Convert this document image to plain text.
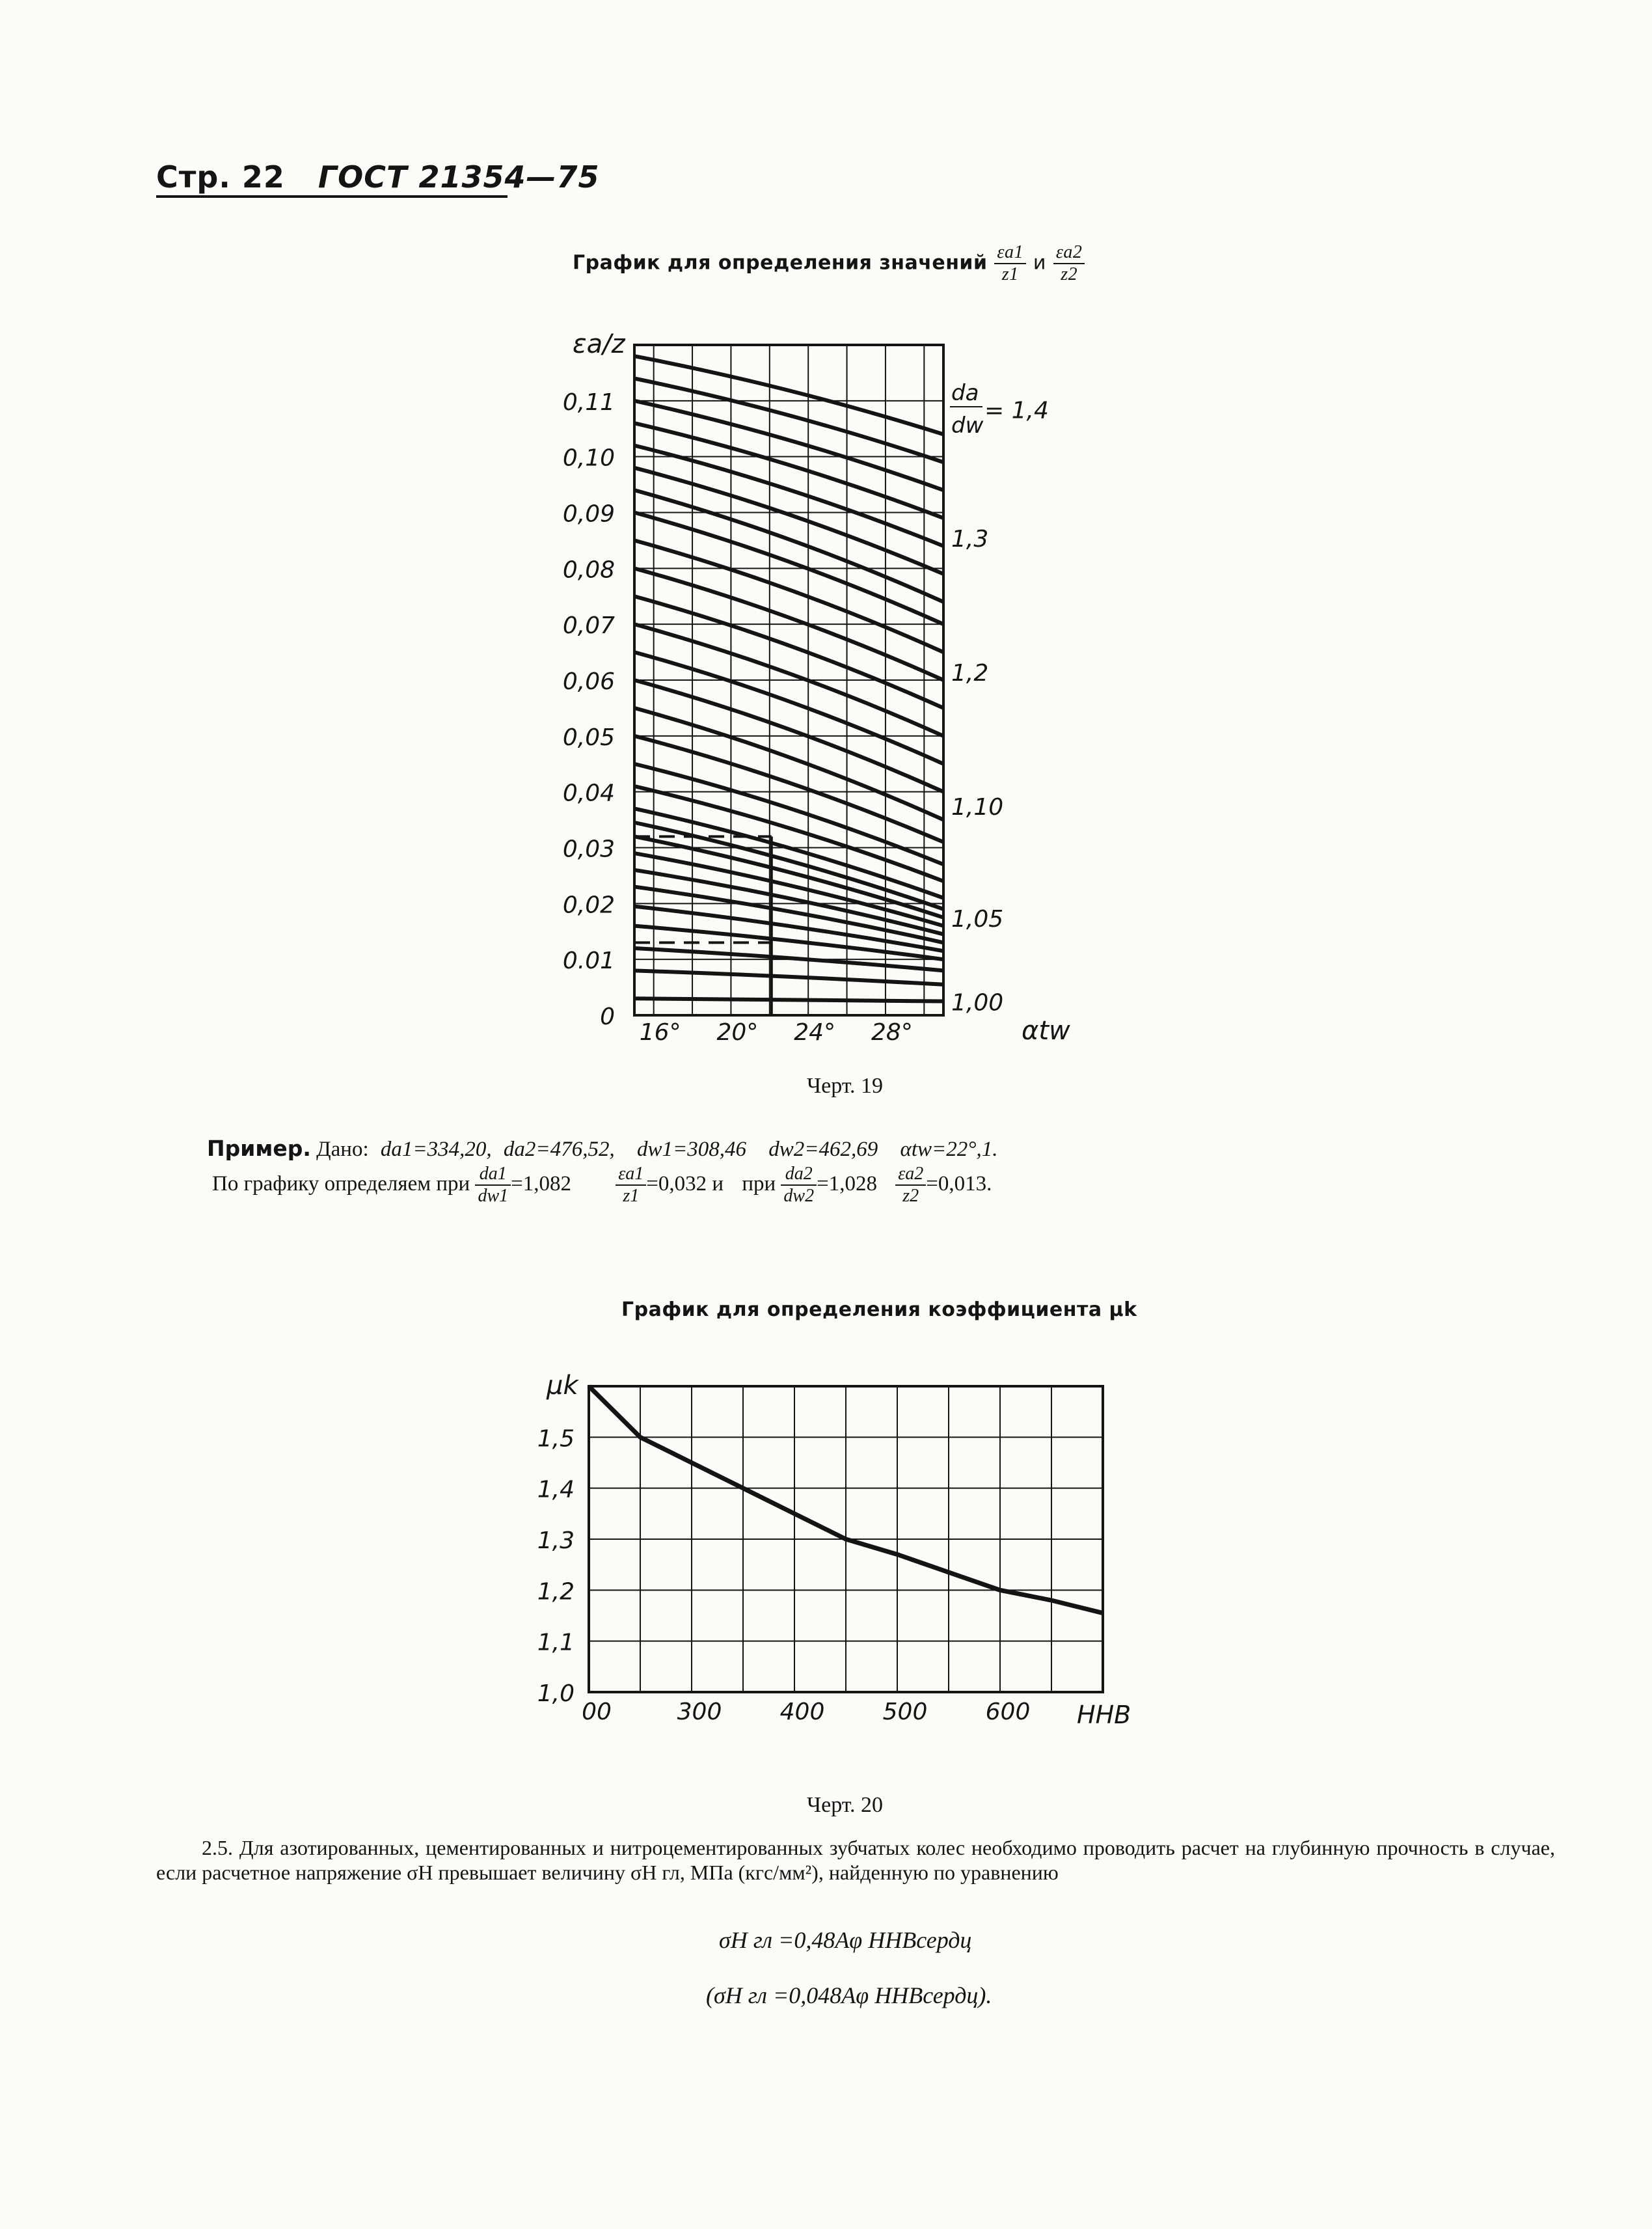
Стр. 22 ГОСТ 21354—75
График для определения значений $\frac{\varepsilon a1}{z1}$ и $\frac{\varepsilon a2}{z2}$
0
0.01
0,02
0,03
0,04
0,05
0,06
0,07
0,08
0,09
0,10
0,11
16° 20° 24° 28°
= 1,4
1,3
1,2
1,10
1,05
1,00
εa/z
αtw
da
dw
Черт. 19
Пример. Дано: da1=334,20, da2=476,52, dw1=308,46 dw2=462,69 αtw=22°,1.
По графику определяем при $\frac{da1}{dw1} =1,082 \frac{\varepsilon a1}{z1} =0,032$ и при $\frac{da2}{dw2} =1,028 \frac{\varepsilon a2}{z2} =0,013$.
График для определения коэффициента μk
1,0
1,1
1,2
1,3
1,4
1,5
00	300 400 500 600
μk
HHB
Черт. 20
2.5. Для азотированных, цементированных и нитроцементированных зубчатых колес необходимо проводить расчет на глубинную прочность в случае, если расчетное напряжение σH превышает величину σH гл, МПа (кгс/мм²), найденную по уравнению
σH гл =0,48Aφ HHBсердц
(σH гл =0,048Aφ HHBсердц).
